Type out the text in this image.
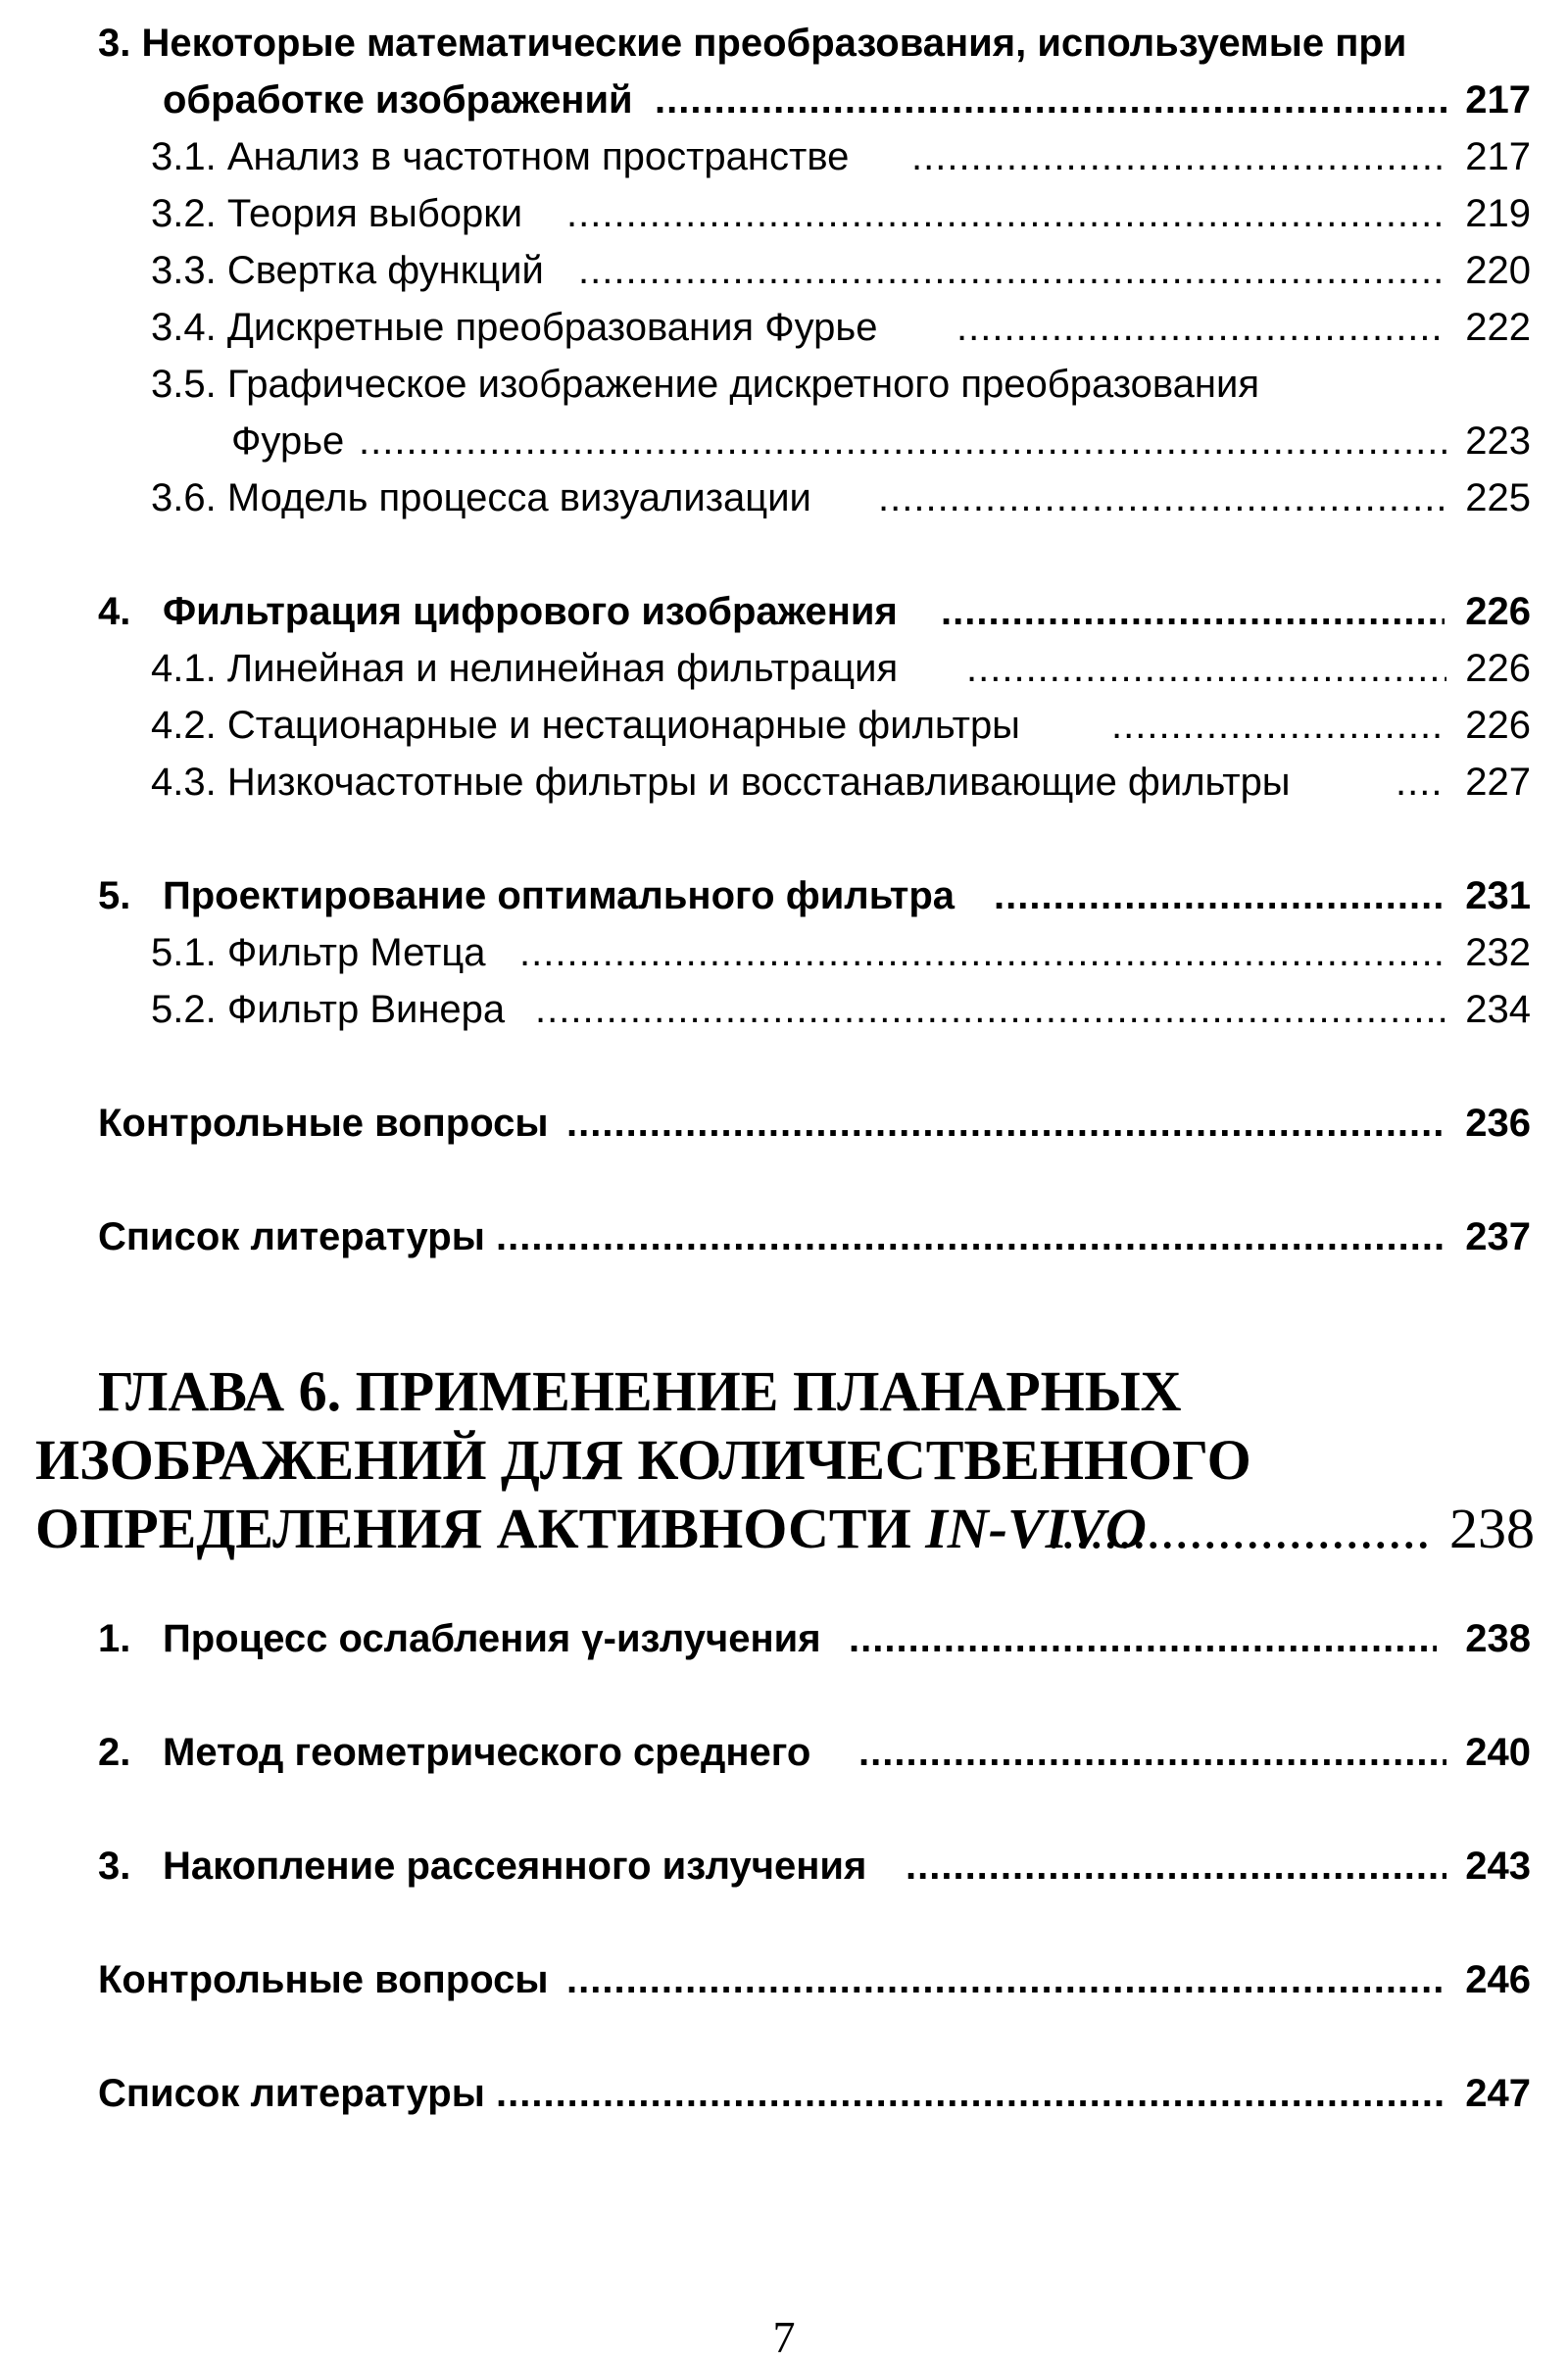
3. Некоторые математические преобразования, используемые при
обработке изображений .....	217
3.1. Анализ в частотном пространстве .....	217
3.2. Теория выборки .....	219
3.3. Свертка функций .....	220
3.4. Дискретные преобразования Фурье .....	222
3.5. Графическое изображение дискретного преобразования
Фурье .....	223
3.6. Модель процесса визуализации .....	225
4. Фильтрация цифрового изображения .....	226
4.1. Линейная и нелинейная фильтрация .....	226
4.2. Стационарные и нестационарные фильтры .....	226
4.3. Низкочастотные фильтры и восстанавливающие фильтры .....	227
5. Проектирование оптимального фильтра .....	231
5.1. Фильтр Метца .....	232
5.2. Фильтр Винера .....	234
Контрольные вопросы .....	236
Список литературы .....	237
ГЛАВА 6. ПРИМЕНЕНИЕ ПЛАНАРНЫХ
ИЗОБРАЖЕНИЙ ДЛЯ КОЛИЧЕСТВЕННОГО
ОПРЕДЕЛЕНИЯ АКТИВНОСТИ IN-VIVO .....	238
1. Процесс ослабления γ-излучения .....	238
2. Метод геометрического среднего .....	240
3. Накопление рассеянного излучения .....	243
Контрольные вопросы .....	246
Список литературы .....	247
7
